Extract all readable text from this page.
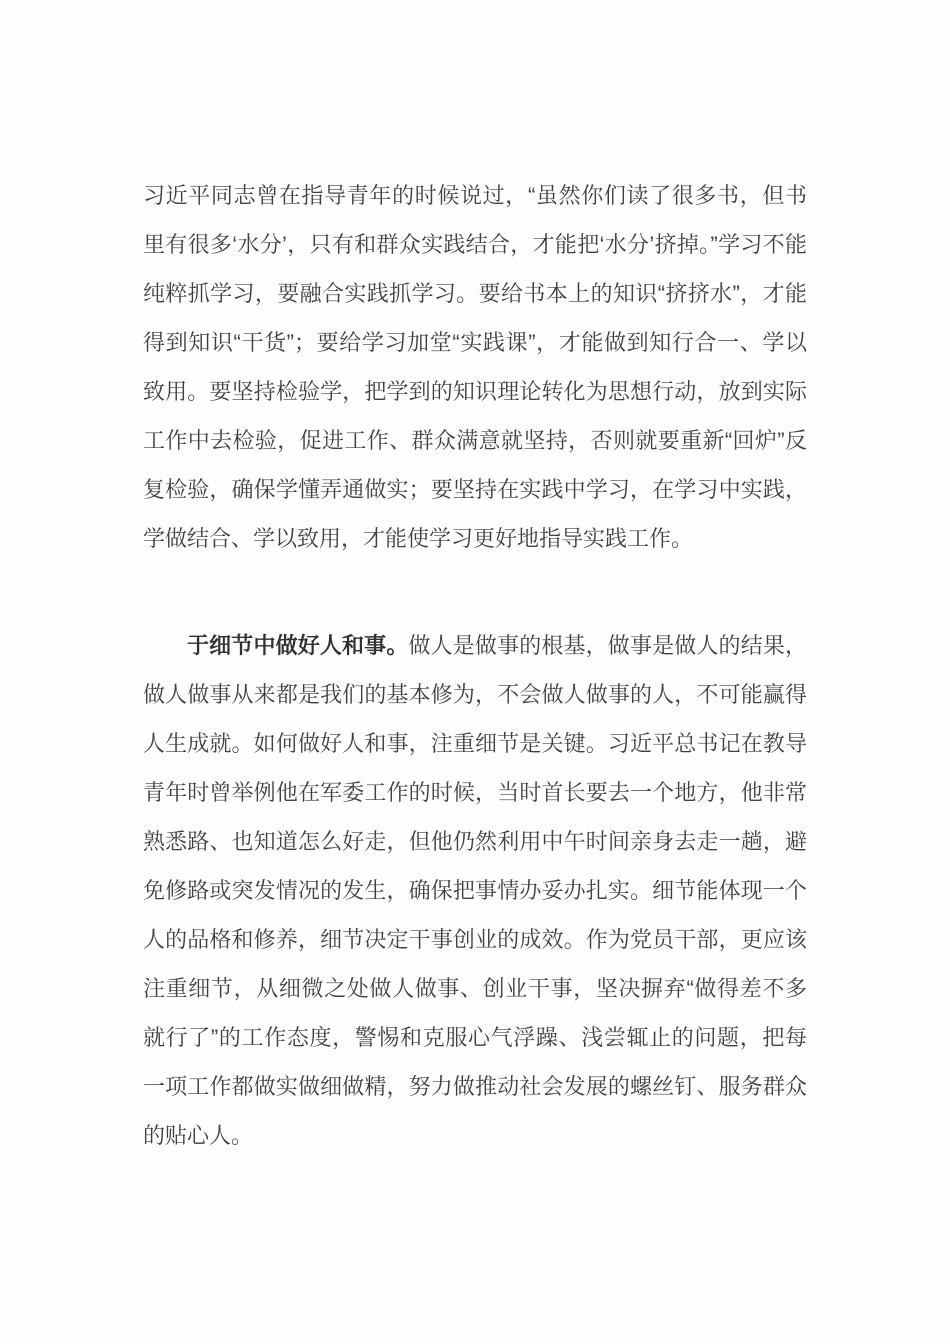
习近平同志曾在指导青年的时候说过，“虽然你们读了很多书，但书里有很多‘水分’，只有和群众实践结合，才能把‘水分’挤掉。”学习不能纯粹抓学习，要融合实践抓学习。要给书本上的知识“挤挤水”，才能得到知识“干货”；要给学习加堂“实践课”，才能做到知行合一、学以致用。要坚持检验学，把学到的知识理论转化为思想行动，放到实际工作中去检验，促进工作、群众满意就坚持，否则就要重新“回炉”反复检验，确保学懂弄通做实；要坚持在实践中学习，在学习中实践，学做结合、学以致用，才能使学习更好地指导实践工作。

于细节中做好人和事。做人是做事的根基，做事是做人的结果，做人做事从来都是我们的基本修为，不会做人做事的人，不可能赢得人生成就。如何做好人和事，注重细节是关键。习近平总书记在教导青年时曾举例他在军委工作的时候，当时首长要去一个地方，他非常熟悉路、也知道怎么好走，但他仍然利用中午时间亲身去走一趟，避免修路或突发情况的发生，确保把事情办妥办扎实。细节能体现一个人的品格和修养，细节决定干事创业的成效。作为党员干部，更应该注重细节，从细微之处做人做事、创业干事，坚决摒弃“做得差不多就行了”的工作态度，警惕和克服心气浮躁、浅尝辄止的问题，把每一项工作都做实做细做精，努力做推动社会发展的螺丝钉、服务群众的贴心人。
